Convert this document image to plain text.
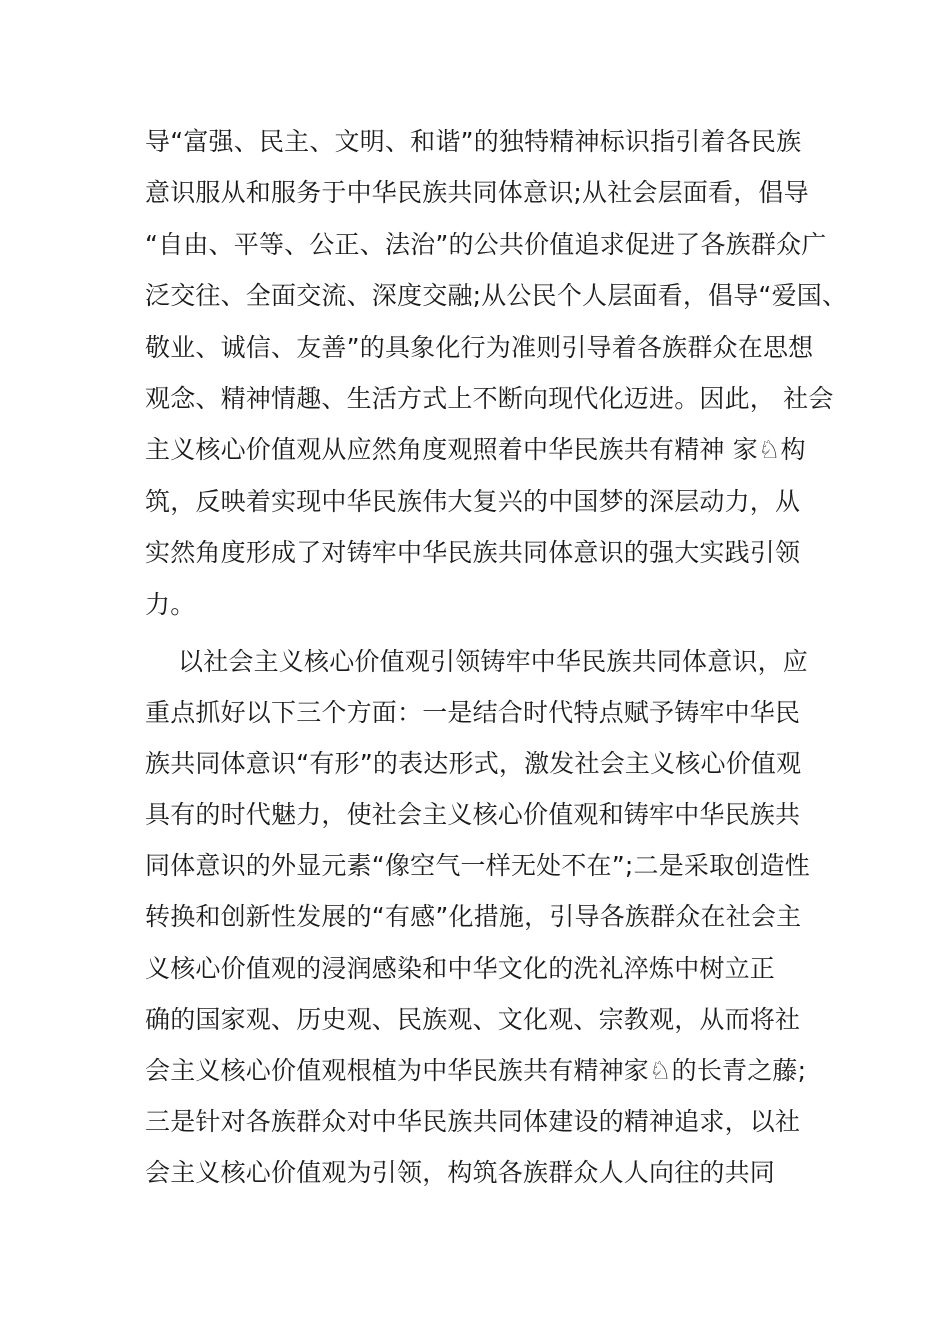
导“富强、民主、文明、和谐”的独特精神标识指引着各民族
意识服从和服务于中华民族共同体意识;从社会层面看，倡导
“自由、平等、公正、法治”的公共价值追求促进了各族群众广
泛交往、全面交流、深度交融;从公民个人层面看，倡导“爱国、
敬业、诚信、友善”的具象化行为准则引导着各族群众在思想
观念、精神情趣、生活方式上不断向现代化迈进。因此， 社会
主义核心价值观从应然角度观照着中华民族共有精神 家♘构
筑，反映着实现中华民族伟大复兴的中国梦的深层动力，从
实然角度形成了对铸牢中华民族共同体意识的强大实践引领
力。
以社会主义核心价值观引领铸牢中华民族共同体意识，应
重点抓好以下三个方面：一是结合时代特点赋予铸牢中华民
族共同体意识“有形”的表达形式，激发社会主义核心价值观
具有的时代魅力，使社会主义核心价值观和铸牢中华民族共
同体意识的外显元素“像空气一样无处不在”;二是采取创造性
转换和创新性发展的“有感”化措施，引导各族群众在社会主
义核心价值观的浸润感染和中华文化的洗礼淬炼中树立正
确的国家观、历史观、民族观、文化观、宗教观，从而将社
会主义核心价值观根植为中华民族共有精神家♘的长青之藤;
三是针对各族群众对中华民族共同体建设的精神追求，以社
会主义核心价值观为引领，构筑各族群众人人向往的共同
